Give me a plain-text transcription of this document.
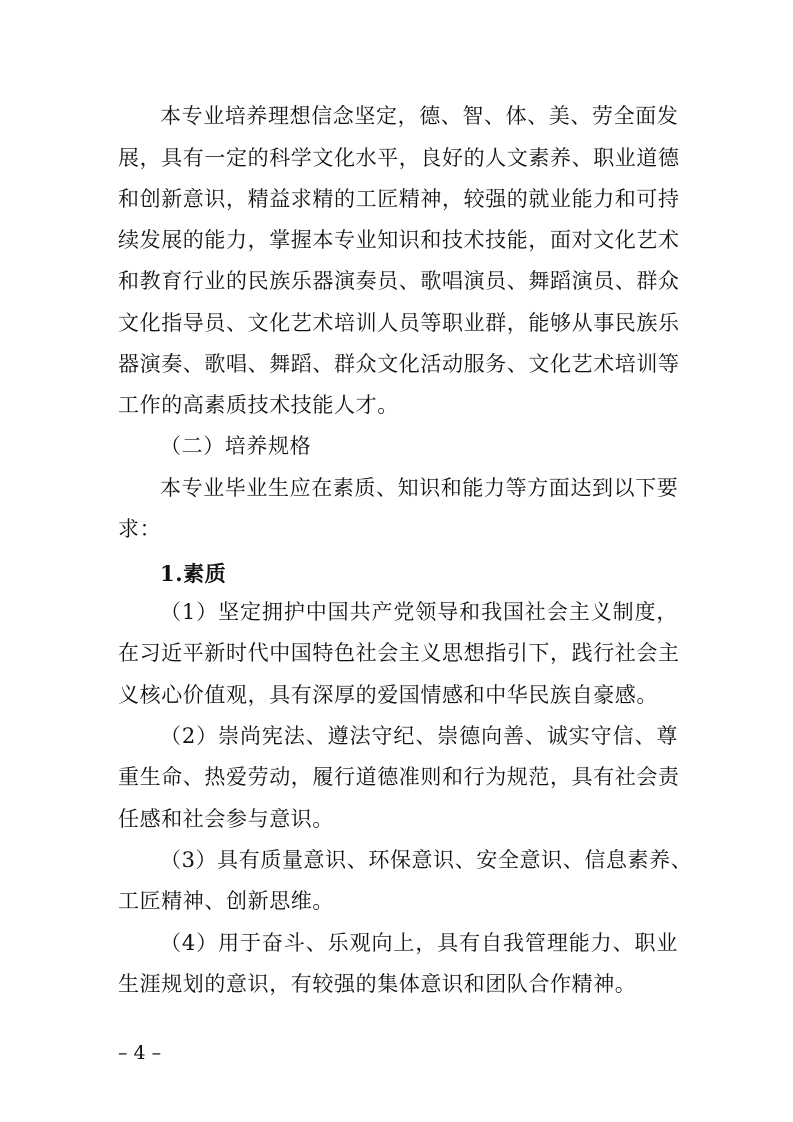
本专业培养理想信念坚定，德、智、体、美、劳全面发
展，具有一定的科学文化水平，良好的人文素养、职业道德
和创新意识，精益求精的工匠精神，较强的就业能力和可持
续发展的能力，掌握本专业知识和技术技能，面对文化艺术
和教育行业的民族乐器演奏员、歌唱演员、舞蹈演员、群众
文化指导员、文化艺术培训人员等职业群，能够从事民族乐
器演奏、歌唱、舞蹈、群众文化活动服务、文化艺术培训等
工作的高素质技术技能人才。
（二）培养规格
本专业毕业生应在素质、知识和能力等方面达到以下要
求：
1.素质
（1）坚定拥护中国共产党领导和我国社会主义制度，
在习近平新时代中国特色社会主义思想指引下，践行社会主
义核心价值观，具有深厚的爱国情感和中华民族自豪感。
（2）崇尚宪法、遵法守纪、崇德向善、诚实守信、尊
重生命、热爱劳动，履行道德准则和行为规范，具有社会责
任感和社会参与意识。
（3）具有质量意识、环保意识、安全意识、信息素养、
工匠精神、创新思维。
（4）用于奋斗、乐观向上，具有自我管理能力、职业
生涯规划的意识，有较强的集体意识和团队合作精神。
– 4 –
